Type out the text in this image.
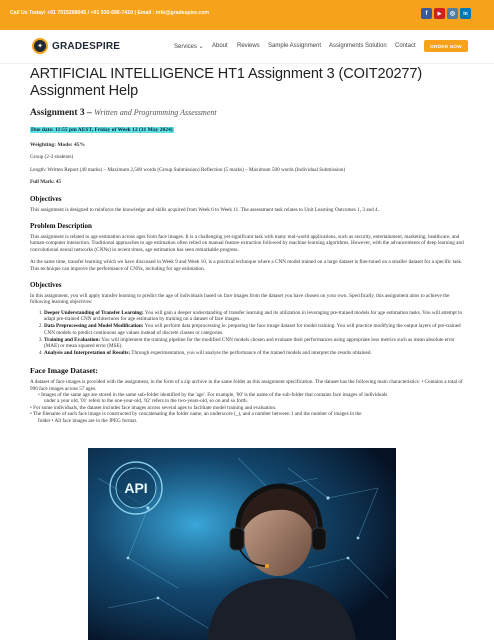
Call Us Today! +91 7015268045 / +91 930-696-7410 | Email : info@gradespire.com	f ▶ ◎ in
✦ GRADESPIRE	Services ⌄ About Reviews Sample Assignment Assignments Solution Contact	ORDER NOW
ARTIFICIAL INTELLIGENCE HT1 Assignment 3 (COIT20277) Assignment Help
Assignment 3 – Written and Programming Assessment
Due date: 11:55 pm AEST, Friday of Week 12 (31 May 2024)

Weighting: Mode: 45%

Group (2-3 students)

Length: Written Report (40 marks) – Maximum 2,500 words (Group Submission) Reflection (5 marks) – Maximum 500 words (Individual Submission)

Full Mark: 45

Objectives

This assignment is designed to reinforce the knowledge and skills acquired from Week 6 to Week 11. The assessment task relates to Unit Learning Outcomes 1, 3 and 4.

Problem Description

This assignment is related to age estimation across ages from face images. It is a challenging yet significant task with many real-world applications, such as security, entertainment, marketing, healthcare, and human-computer interaction. Traditional approaches to age estimation often relied on manual feature extraction followed by machine learning algorithms. However, with the advancements of deep learning and convolutional neural networks (CNNs) in recent times, age estimation has seen remarkable progress.

At the same time, transfer learning which we have discussed in Week 9 and Week 10, is a practical technique where a CNN model trained on a large dataset is fine-tuned on a smaller dataset for a specific task. This technique can improve the performance of CNNs, including for age estimation.

Objectives

In this assignment, you will apply transfer learning to predict the age of individuals based on face images from the dataset you have chosen on your own. Specifically, this assignment aims to achieve the following learning objectives:

1. Deeper Understanding of Transfer Learning: You will gain a deeper understanding of transfer learning and its utilization in leveraging pre-trained models for age estimation tasks. You will attempt to adapt pre-trained CNN architectures for age estimation by training on a dataset of face images.
2. Data Preprocessing and Model Modification: You will perform data preprocessing ie. preparing the face image dataset for model training. You will practice modifying the output layers of pre-trained CNN models to predict continuous age values instead of discrete classes or categories.
3. Training and Evaluation: You will implement the training pipeline for the modified CNN models chosen and evaluate their performances using appropriate loss metrics such as mean absolute error (MAE) or mean squared error (MSE).
4. Analysis and Interpretation of Results: Through experimentation, you will analyse the performance of the trained models and interpret the results obtained.
Face Image Dataset:

A dataset of face images is provided with the assignment, in the form of a zip archive in the same folder as this assignment specification. The dataset has the following main characteristics: • Contains a total of 996 face images across 57 ages.

• Images of the same age are stored in the same sub-folder identified by the 'age'. For example, '00' is the name of the sub-folder that contains face images of individuals
under a year old, '01' refers to the one-year-old, '02' refers to the two-years-old, so on and so forth.
• For some individuals, the dataset includes face images across several ages to facilitate model training and evaluation.
• The filename of each face image is constructed by concatenating the folder name, an underscore (_), and a number between 1 and the number of images in the
folder • All face images are in the JPEG format.
API
